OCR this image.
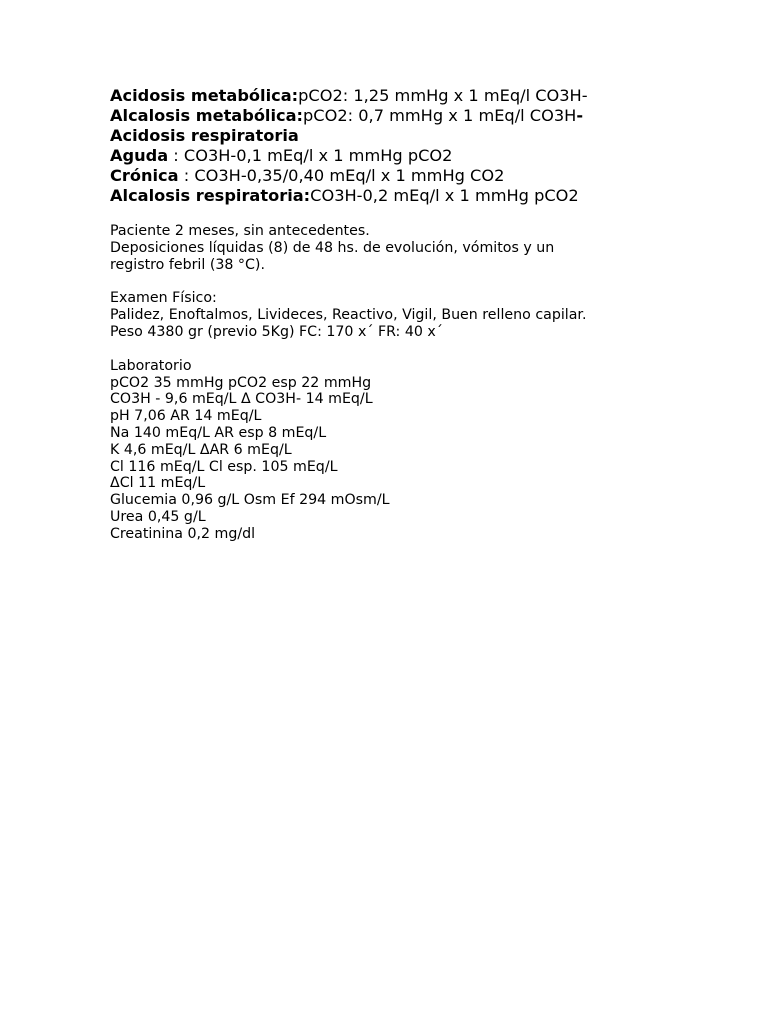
Acidosis metabólica:pCO2: 1,25 mmHg x 1 mEq/l CO3H-
Alcalosis metabólica:pCO2: 0,7 mmHg x 1 mEq/l CO3H-
Acidosis respiratoria
Aguda : CO3H-0,1 mEq/l x 1 mmHg pCO2
Crónica : CO3H-0,35/0,40 mEq/l x 1 mmHg CO2
Alcalosis respiratoria:CO3H-0,2 mEq/l x 1 mmHg pCO2
Paciente 2 meses, sin antecedentes.
Deposiciones líquidas (8) de 48 hs. de evolución, vómitos y un
registro febril (38 °C).
Examen Físico:
Palidez, Enoftalmos, Livideces, Reactivo, Vigil, Buen relleno capilar.
Peso 4380 gr (previo 5Kg) FC: 170 x´ FR: 40 x´
Laboratorio
pCO2 35 mmHg pCO2 esp 22 mmHg
CO3H - 9,6 mEq/L Δ CO3H- 14 mEq/L
pH 7,06 AR 14 mEq/L
Na 140 mEq/L AR esp 8 mEq/L
K 4,6 mEq/L ΔAR 6 mEq/L
Cl 116 mEq/L Cl esp. 105 mEq/L
ΔCl 11 mEq/L
Glucemia 0,96 g/L Osm Ef 294 mOsm/L
Urea 0,45 g/L
Creatinina 0,2 mg/dl
